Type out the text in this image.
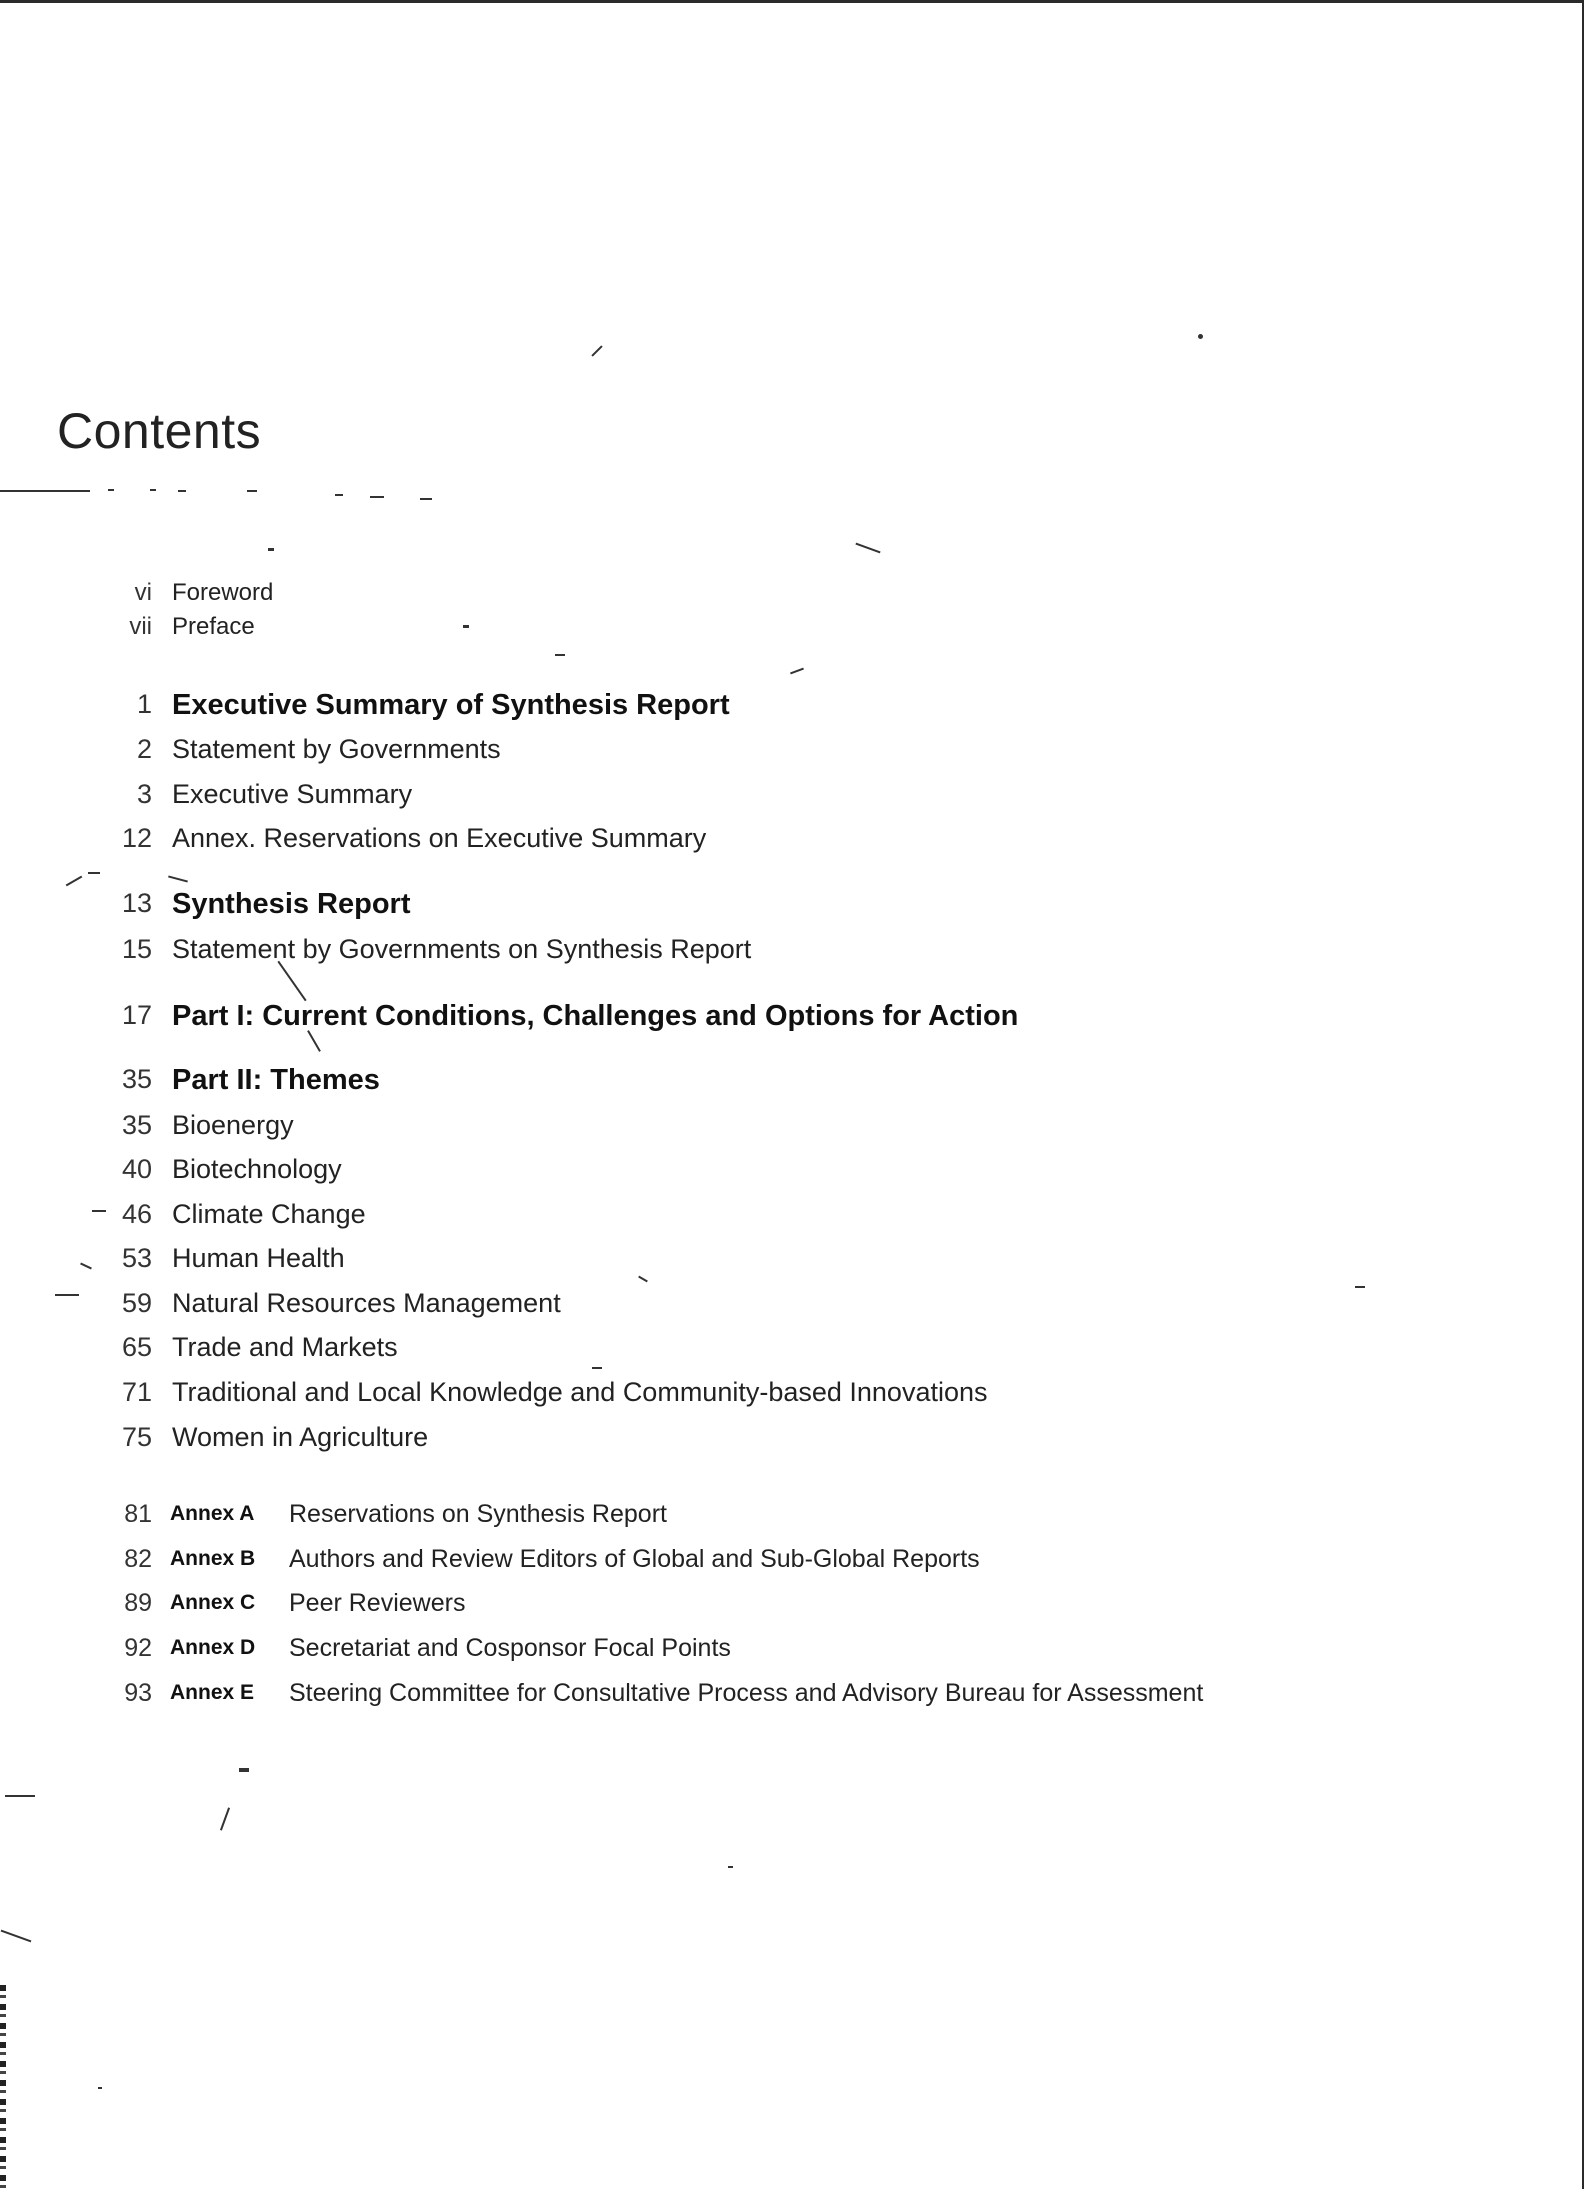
Contents
vi Foreword
vii Preface
1 Executive Summary of Synthesis Report
2 Statement by Governments
3 Executive Summary
12 Annex. Reservations on Executive Summary
13 Synthesis Report
15 Statement by Governments on Synthesis Report
17 Part I: Current Conditions, Challenges and Options for Action
35 Part II: Themes
35 Bioenergy
40 Biotechnology
46 Climate Change
53 Human Health
59 Natural Resources Management
65 Trade and Markets
71 Traditional and Local Knowledge and Community-based Innovations
75 Women in Agriculture
81 Annex A Reservations on Synthesis Report
82 Annex B Authors and Review Editors of Global and Sub-Global Reports
89 Annex C Peer Reviewers
92 Annex D Secretariat and Cosponsor Focal Points
93 Annex E Steering Committee for Consultative Process and Advisory Bureau for Assessment
